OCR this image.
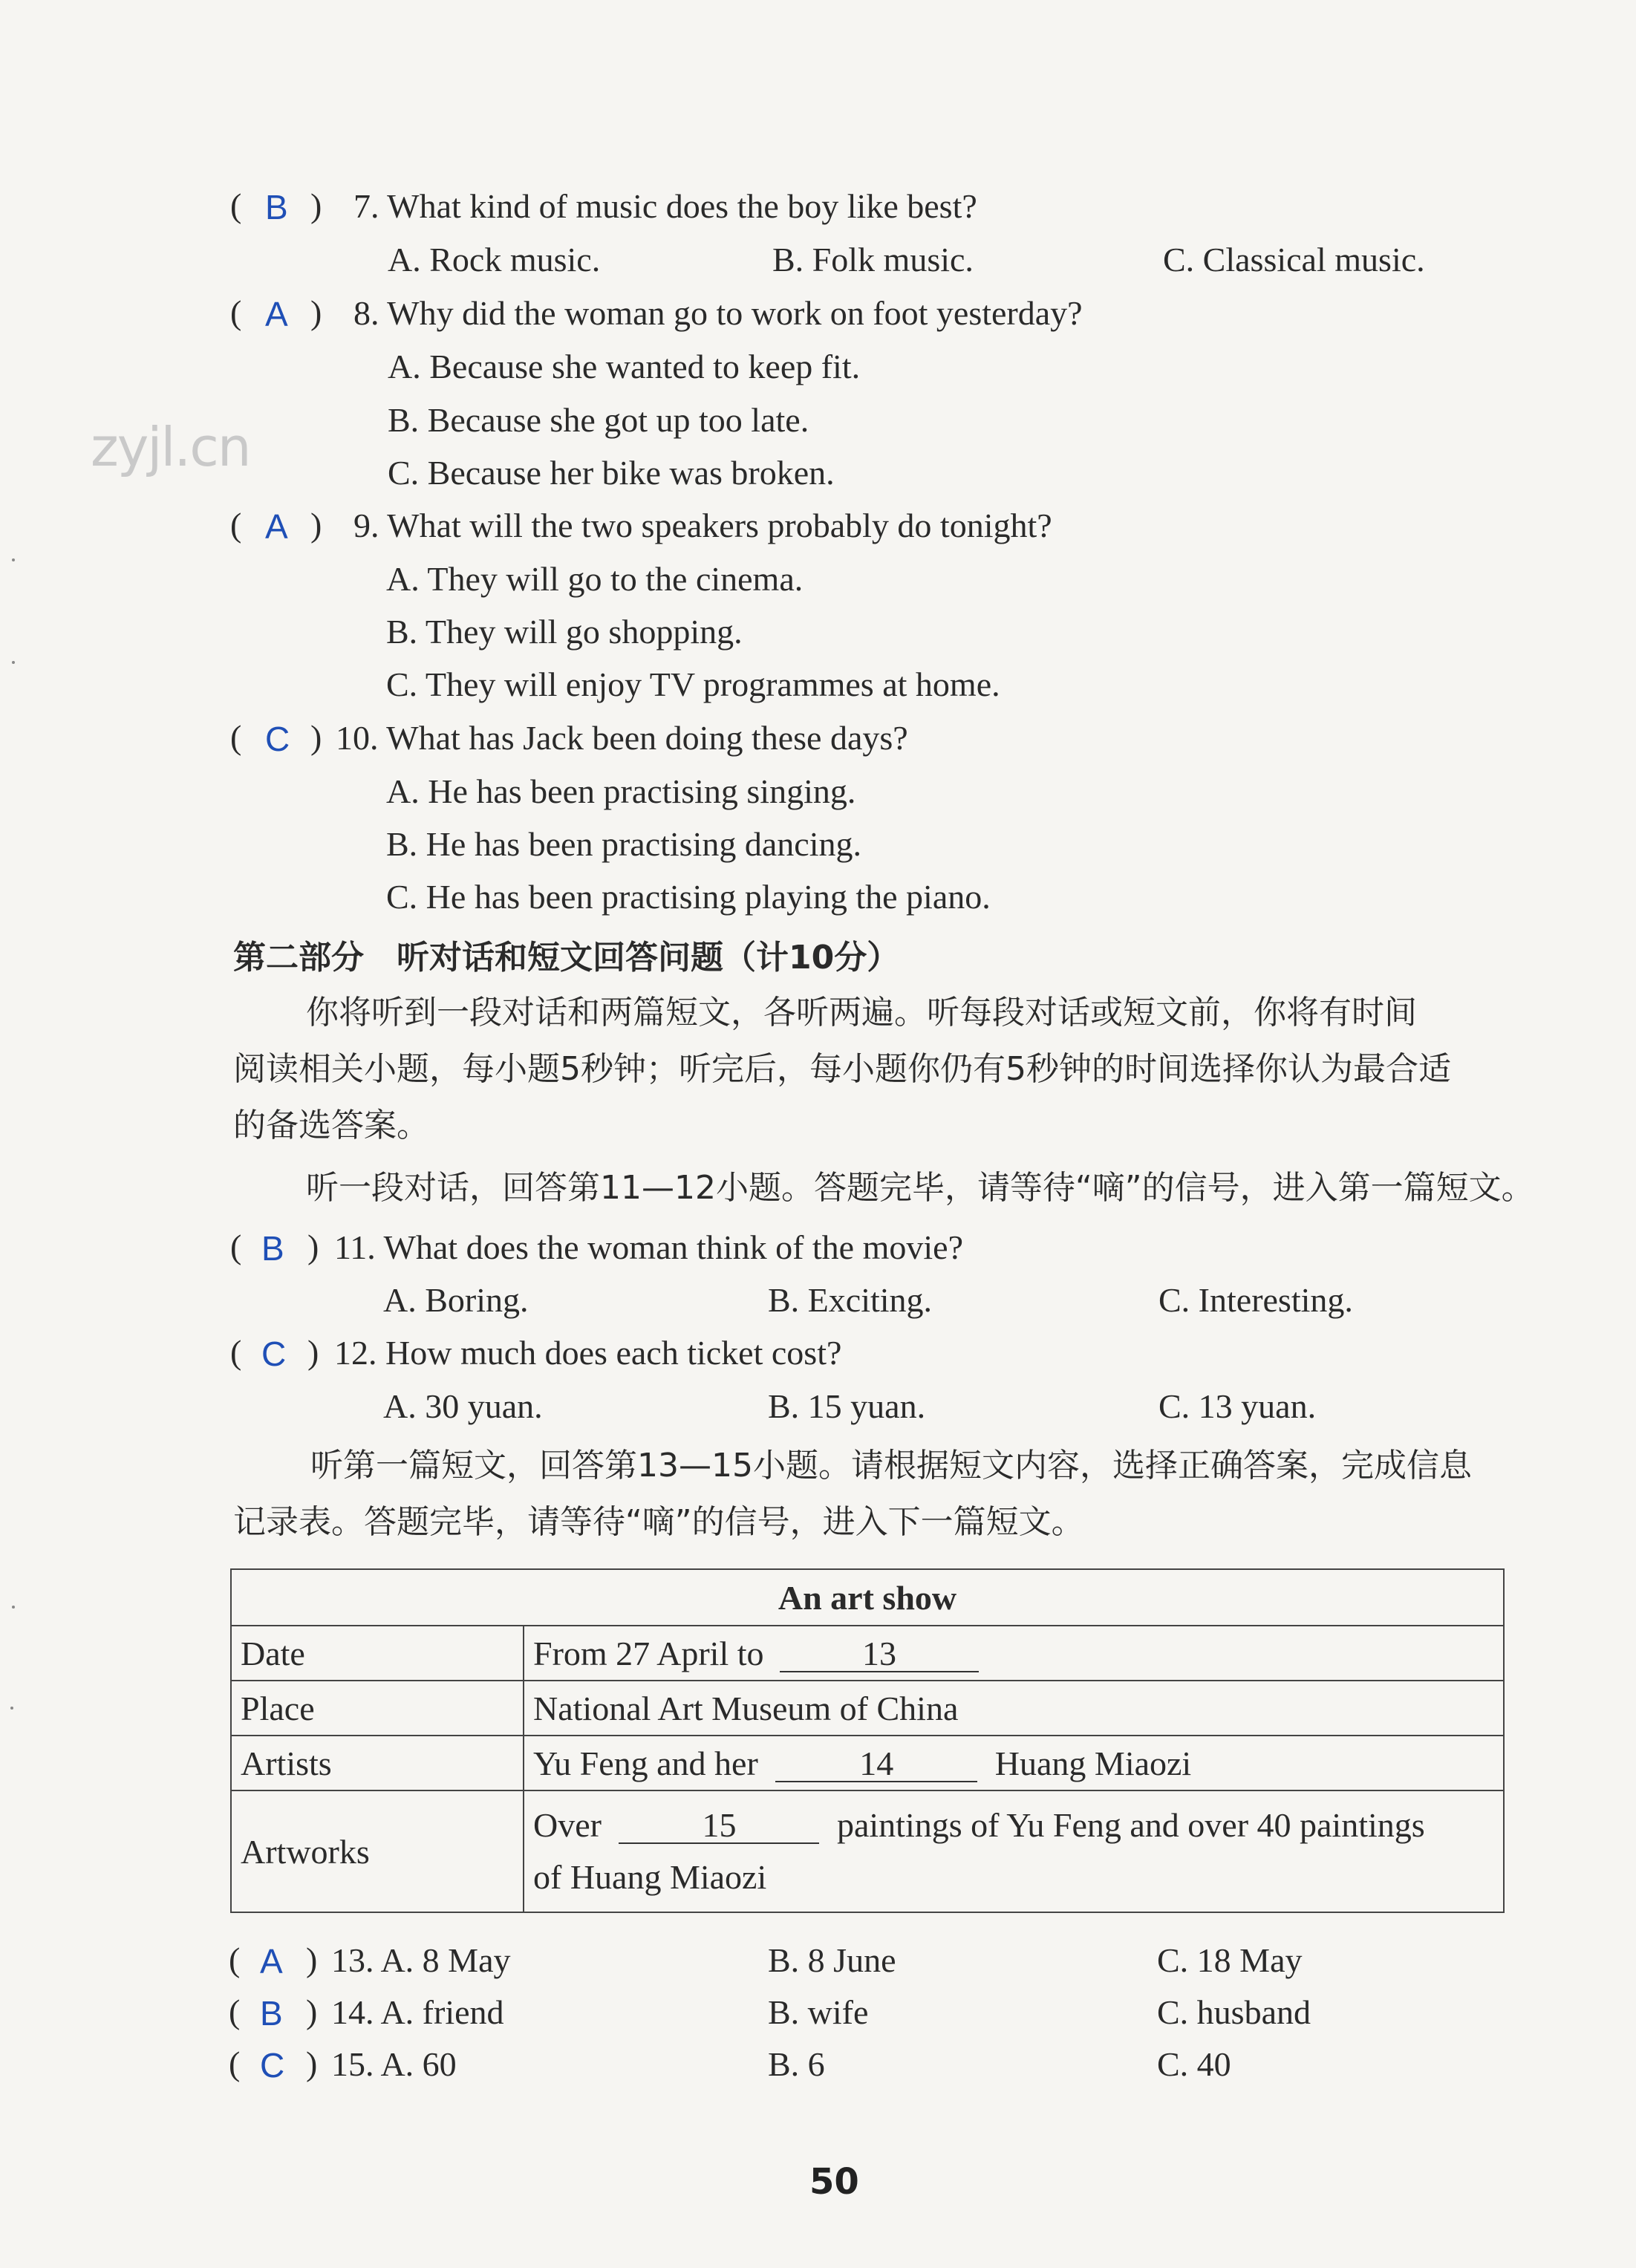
zyjl.cn
( B ) 7. What kind of music does the boy like best?
A. Rock music.	B. Folk music.	C. Classical music.
( A ) 8. Why did the woman go to work on foot yesterday?
A. Because she wanted to keep fit.
B. Because she got up too late.
C. Because her bike was broken.
( A ) 9. What will the two speakers probably do tonight?
A. They will go to the cinema.
B. They will go shopping.
C. They will enjoy TV programmes at home.
( C ) 10. What has Jack been doing these days?
A. He has been practising singing.
B. He has been practising dancing.
C. He has been practising playing the piano.
第二部分　听对话和短文回答问题（计10分）
你将听到一段对话和两篇短文，各听两遍。听每段对话或短文前，你将有时间
阅读相关小题，每小题5秒钟；听完后，每小题你仍有5秒钟的时间选择你认为最合适
的备选答案。
听一段对话，回答第11—12小题。答题完毕，请等待“嘀”的信号，进入第一篇短文。
( B ) 11. What does the woman think of the movie?
A. Boring.	B. Exciting.	C. Interesting.
( C ) 12. How much does each ticket cost?
A. 30 yuan.	B. 15 yuan.	C. 13 yuan.
听第一篇短文，回答第13—15小题。请根据短文内容，选择正确答案，完成信息
记录表。答题完毕，请等待“嘀”的信号，进入下一篇短文。
An art show	
Date	From 27 April to 13
Place	National Art Museum of China
Artists	Yu Feng and her 14 Huang Miaozi
Artworks	Over 15 paintings of Yu Feng and over 40 paintings
of Huang Miaozi
( A ) 13. A. 8 May	B. 8 June	C. 18 May
( B ) 14. A. friend	B. wife	C. husband
( C ) 15. A. 60	B. 6	C. 40
50
